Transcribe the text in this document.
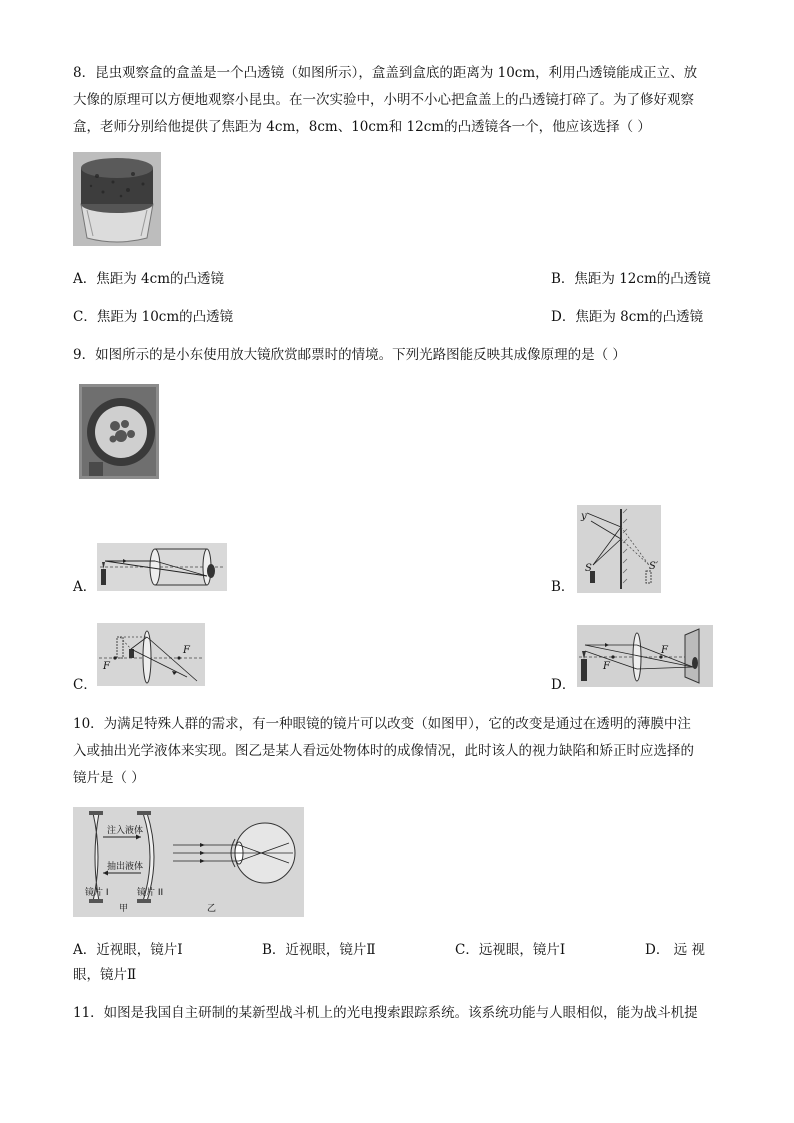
8．昆虫观察盒的盒盖是一个凸透镜（如图所示），盒盖到盒底的距离为 10cm，利用凸透镜能成正立、放
大像的原理可以方便地观察小昆虫。在一次实验中，小明不小心把盒盖上的凸透镜打碎了。为了修好观察
盒，老师分别给他提供了焦距为 4cm，8cm、10cm和 12cm的凸透镜各一个，他应该选择（ ）
A．焦距为 4cm的凸透镜	B．焦距为 12cm的凸透镜
C．焦距为 10cm的凸透镜	D．焦距为 8cm的凸透镜
9．如图所示的是小东使用放大镜欣赏邮票时的情境。下列光路图能反映其成像原理的是（ ）
A．	B．
y
S	S′
C．
F
F
D．
F
F
10．为满足特殊人群的需求，有一种眼镜的镜片可以改变（如图甲），它的改变是通过在透明的薄膜中注
入或抽出光学液体来实现。图乙是某人看远处物体时的成像情况，此时该人的视力缺陷和矫正时应选择的
镜片是（ ）
注入液体
抽出液体
镜片 I	镜片 II
甲	乙
A．近视眼，镜片Ⅰ	B．近视眼，镜片Ⅱ	C．远视眼，镜片Ⅰ	D． 远 视
眼，镜片Ⅱ
11．如图是我国自主研制的某新型战斗机上的光电搜索跟踪系统。该系统功能与人眼相似，能为战斗机提
